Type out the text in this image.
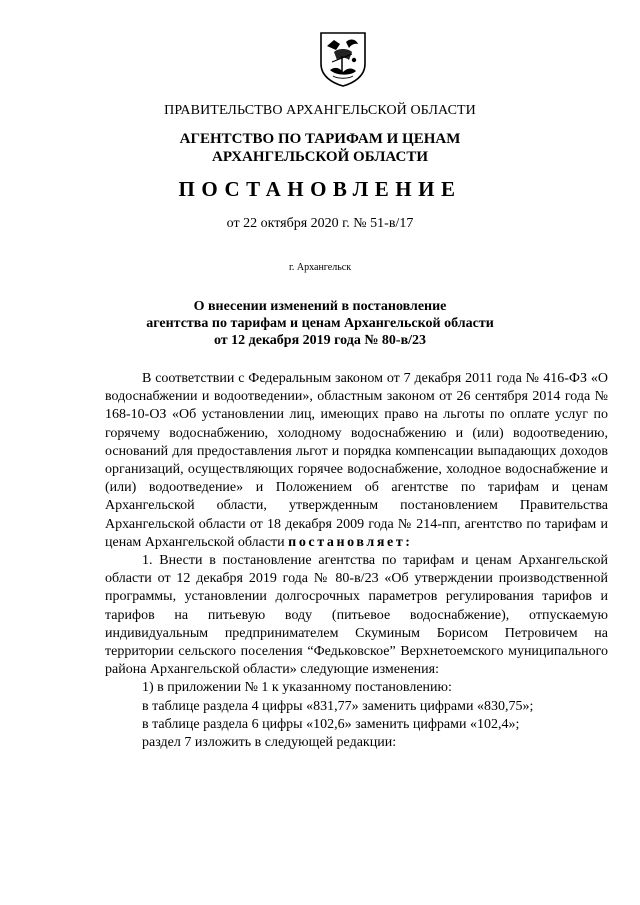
ПРАВИТЕЛЬСТВО АРХАНГЕЛЬСКОЙ ОБЛАСТИ
АГЕНТСТВО ПО ТАРИФАМ И ЦЕНАМ
АРХАНГЕЛЬСКОЙ ОБЛАСТИ
ПОСТАНОВЛЕНИЕ
от 22 октября 2020 г. № 51-в/17
г. Архангельск
О внесении изменений в постановление
агентства по тарифам и ценам Архангельской области
от 12 декабря 2019 года № 80-в/23

В соответствии с Федеральным законом от 7 декабря 2011 года № 416-ФЗ «О водоснабжении и водоотведении», областным законом от 26 сентября 2014 года № 168-10-ОЗ «Об установлении лиц, имеющих право на льготы по оплате услуг по горячему водоснабжению, холодному водоснабжению и (или) водоотведению, оснований для предоставления льгот и порядка компенсации выпадающих доходов организаций, осуществляющих горячее водоснабжение, холодное водоснабжение и (или) водоотведение» и Положением об агентстве по тарифам и ценам Архангельской области, утвержденным постановлением Правительства Архангельской области от 18 декабря 2009 года № 214-пп, агентство по тарифам и ценам Архангельской области постановляет:

1. Внести в постановление агентства по тарифам и ценам Архангельской области от 12 декабря 2019 года № 80-в/23 «Об утверждении производственной программы, установлении долгосрочных параметров регулирования тарифов и тарифов на питьевую воду (питьевое водоснабжение), отпускаемую индивидуальным предпринимателем Скуминым Борисом Петровичем на территории сельского поселения “Федьковское” Верхнетоемского муниципального района Архангельской области» следующие изменения:

1) в приложении № 1 к указанному постановлению:

в таблице раздела 4 цифры «831,77» заменить цифрами «830,75»;

в таблице раздела 6 цифры «102,6» заменить цифрами «102,4»;

раздел 7 изложить в следующей редакции:
